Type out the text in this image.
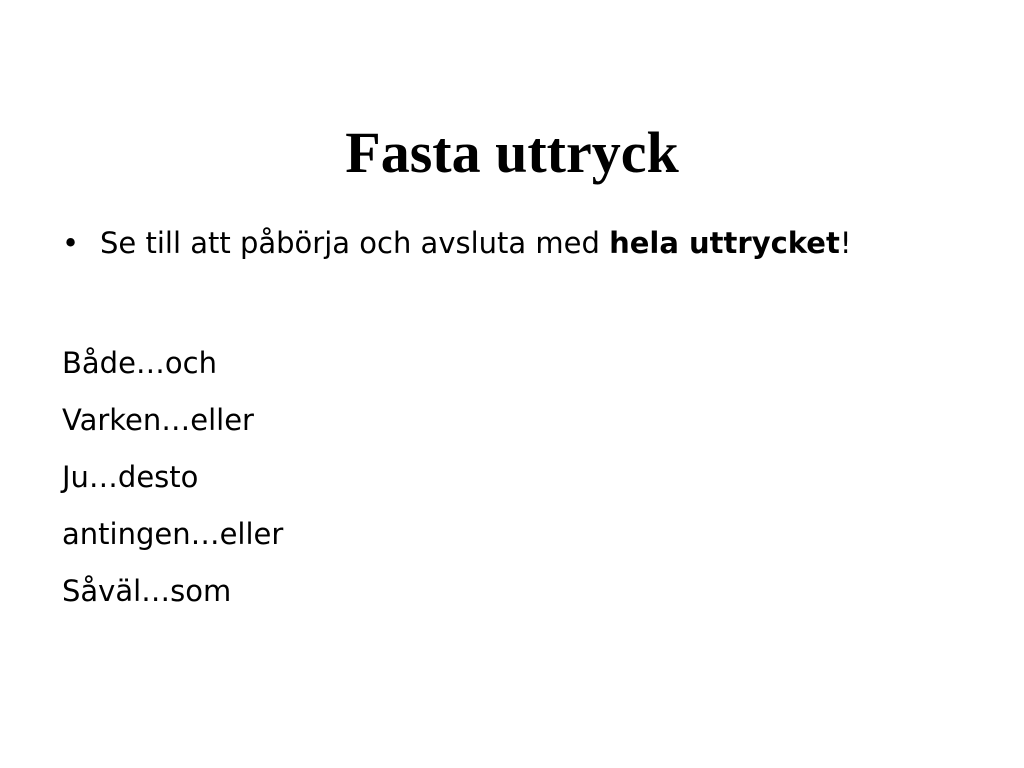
Fasta uttryck
• Se till att påbörja och avsluta med hela uttrycket!
Både…och
Varken…eller
Ju…desto
antingen…eller
Såväl…som
